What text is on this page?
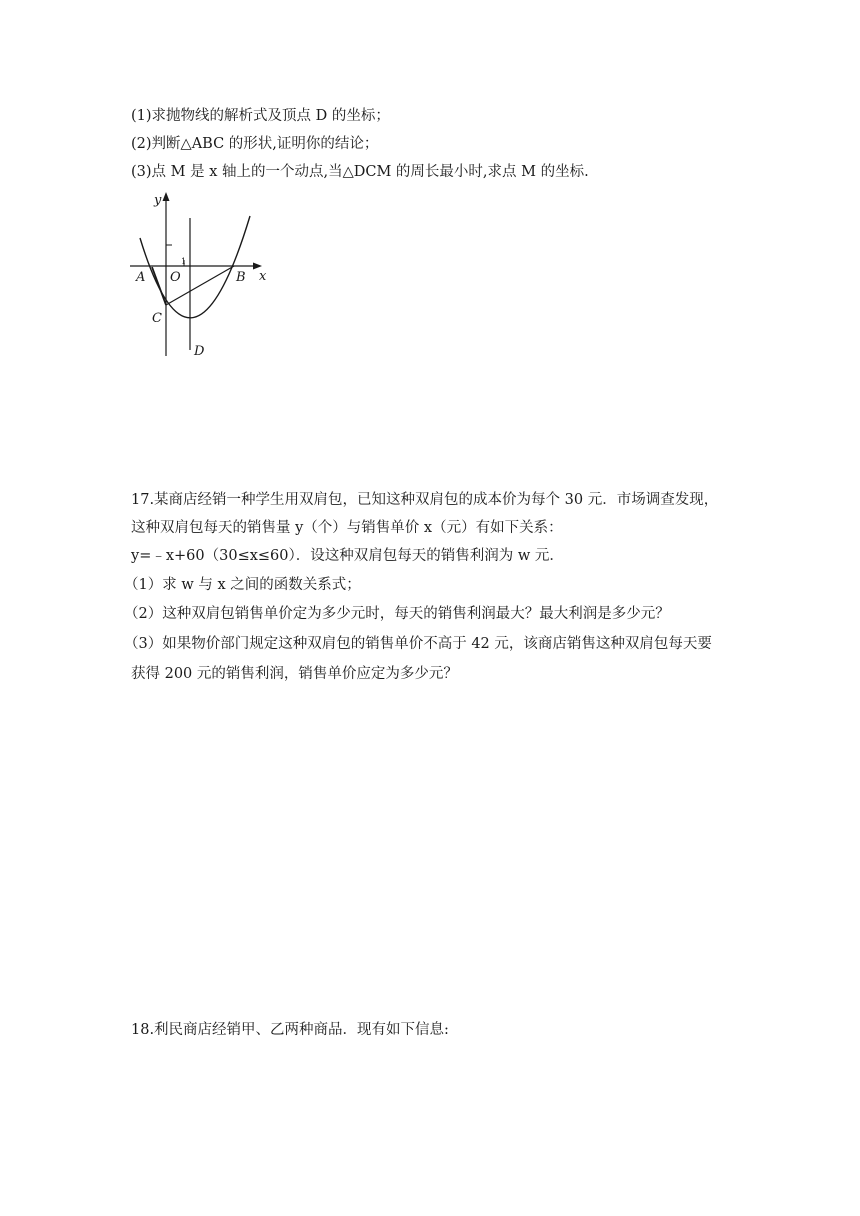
(1)求抛物线的解析式及顶点 D 的坐标；
(2)判断△ABC 的形状,证明你的结论；
(3)点 M 是 x 轴上的一个动点,当△DCM 的周长最小时,求点 M 的坐标.
y
x
A O	B
C
D
1
17.某商店经销一种学生用双肩包，已知这种双肩包的成本价为每个 30 元．市场调查发现，
这种双肩包每天的销售量 y（个）与销售单价 x（元）有如下关系：
y=﹣x+60（30≤x≤60）．设这种双肩包每天的销售利润为 w 元．
（1）求 w 与 x 之间的函数关系式；
（2）这种双肩包销售单价定为多少元时，每天的销售利润最大？最大利润是多少元？
（3）如果物价部门规定这种双肩包的销售单价不高于 42 元，该商店销售这种双肩包每天要
获得 200 元的销售利润，销售单价应定为多少元？
18.利民商店经销甲、乙两种商品．现有如下信息:
